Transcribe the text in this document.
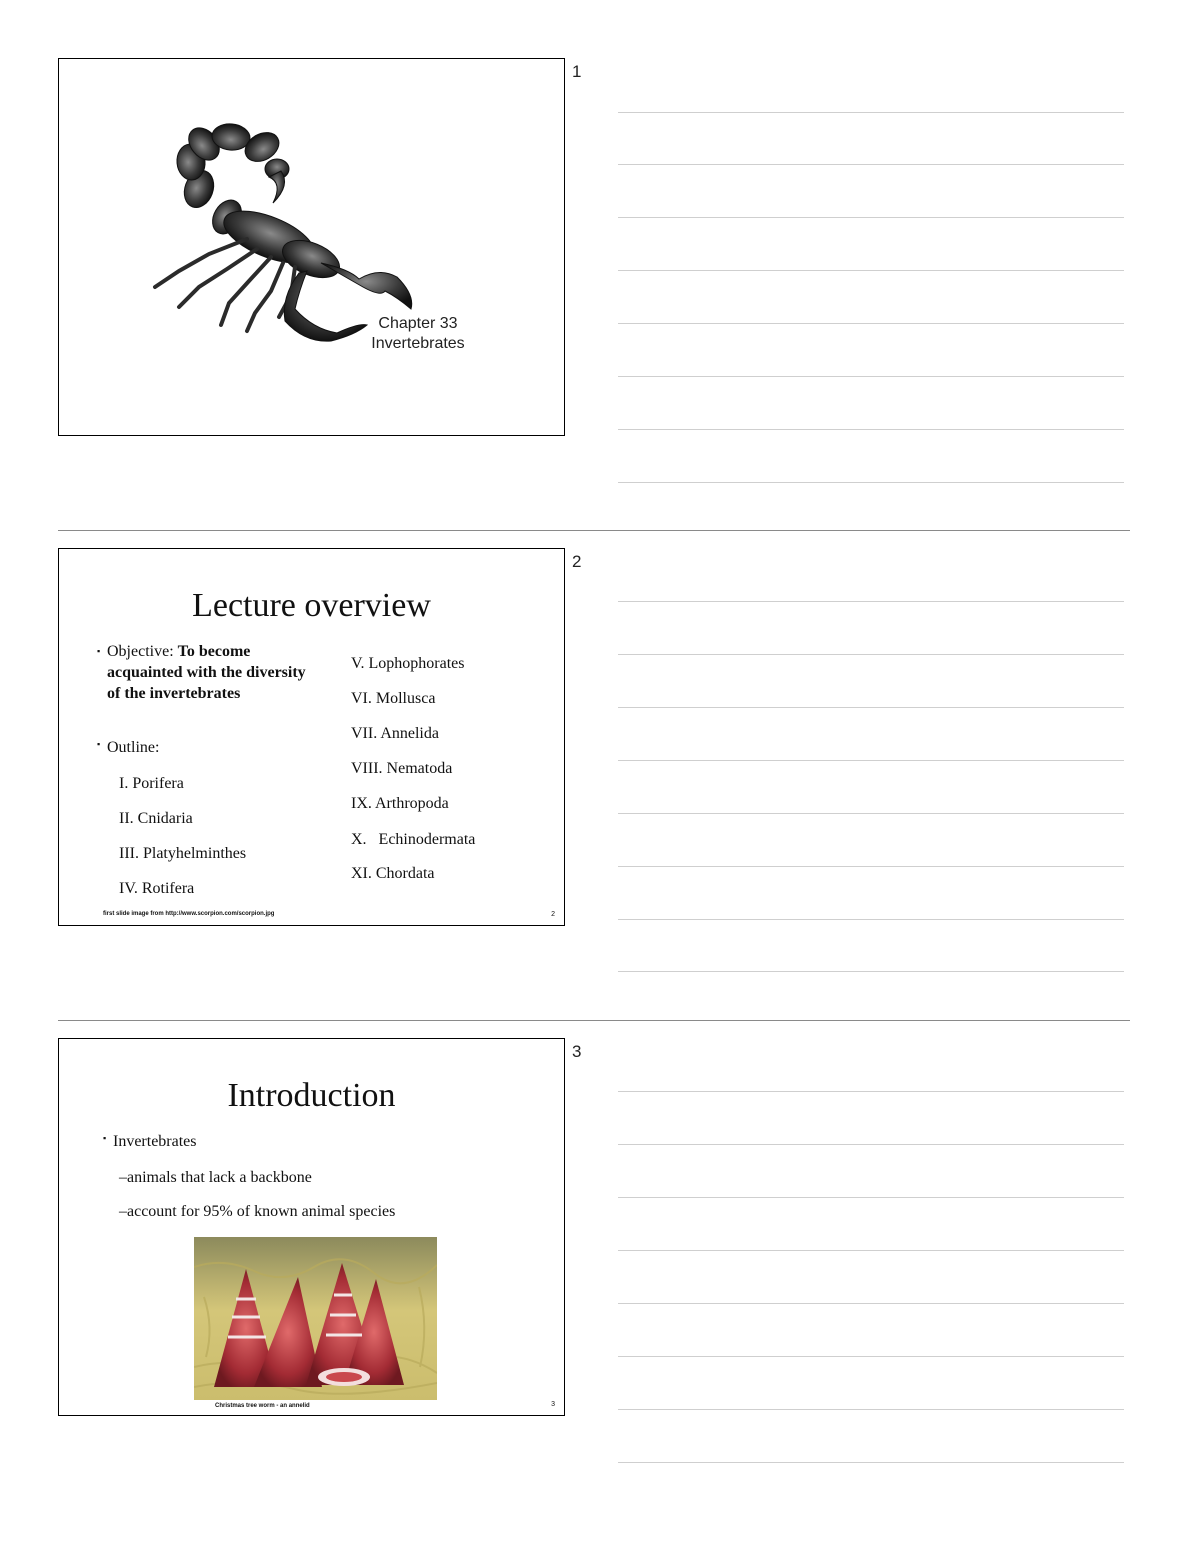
Chapter 33
Invertebrates
1
Lecture overview
▪ Objective: To become acquainted with the diversity of the invertebrates
▪ Outline:
I. Porifera
II. Cnidaria
III. Platyhelminthes
IV. Rotifera
V. Lophophorates
VI. Mollusca
VII. Annelida
VIII. Nematoda
IX. Arthropoda
X.   Echinodermata
XI. Chordata
first slide image from http://www.scorpion.com/scorpion.jpg	2
2
Introduction
▪ Invertebrates
–animals that lack a backbone
–account for 95% of known animal species
Christmas tree worm - an annelid	3
3
